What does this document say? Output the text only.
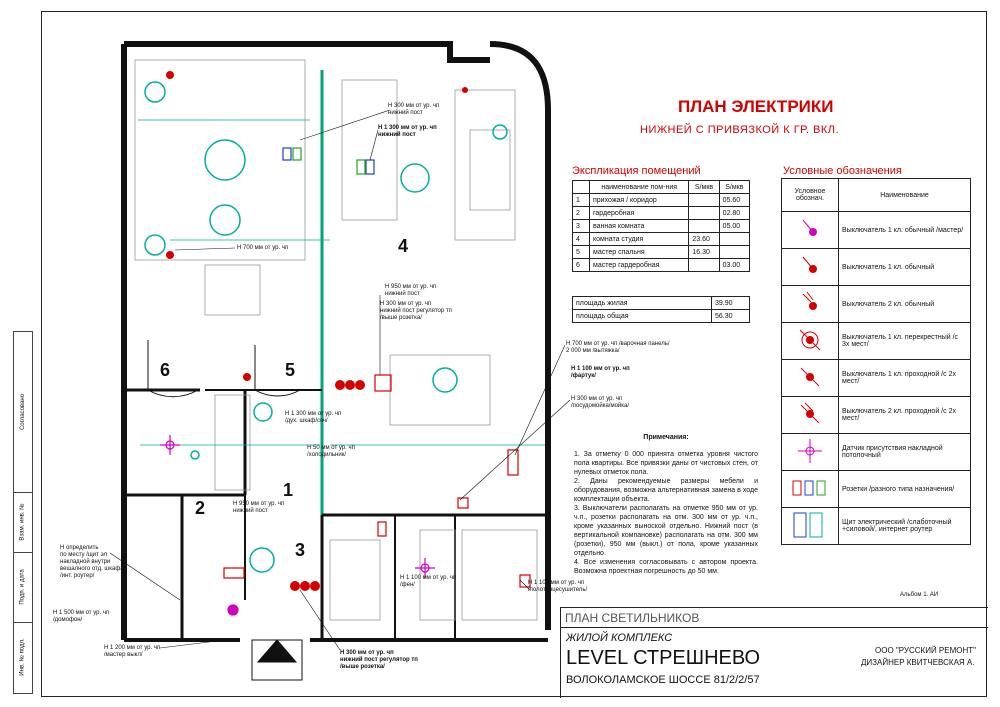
Согласовано
Взам. инв. №
Подп. и дата
Инв. № подл.
1
2
3
4
5
6
Н 300 мм от ур. чп
нижний пост
Н 1 300 мм от ур. чп
нижний пост
Н 700 мм от ур. чп
Н 950 мм от ур. чп
нижний пост
Н 300 мм от ур. чп
нижний пост регулятор тп
/выше розетка/
Н 700 мм от ур. чп /варочная панель/
2 000 мм /вытяжка/
Н 1 100 мм от ур. чп
/фартук/
Н 300 мм от ур. чп
/посудомойка/мойка/
Н 1 300 мм от ур. чп
/дух. шкаф/свч/
Н 50 мм от ур. чп
/холодильник/
Н 950 мм от ур. чп
нижний пост
Н определить
по месту /щит эл
накладной внутри
вешалного отд. шкафа
/инт. роутер/
Н 1 500 мм от ур. чп
/домофон/
Н 1 200 мм от ур. чп
/мастер выкл/	Н 300 мм от ур. чп
нижний пост регулятор тп
/выше розетка/
Н 1 100 мм от ур. чп
/фен/	Н 1 100 мм от ур. чп
/полотенцесушитель/
ПЛАН ЭЛЕКТРИКИ
НИЖНЕЙ С ПРИВЯЗКОЙ К ГР. ВКЛ.
Экспликация помещений
	наименование пом-ния	S/мкв	S/мкв
1	прихожая / коридор		05.60
2	гардеробная		02.80
3	ванная комната		05.00
4	комната студия	23.60	
5	мастер спальня	16.30	
6	мастер гардеробная		03.00
площадь жилая	39.90
площадь общая	56.30
Условные обозначения
Условное обознач.	Наименование
	Выключатель 1 кл. обычный /мастер/
	Выключатель 1 кл. обычный
	Выключатель 2 кл. обычный
	Выключатель 1 кл. перекрестный /с 3х мест/
	Выключатель 1 кл. проходной /с 2х мест/
	Выключатель 2 кл. проходной /с 2х мест/
	Датчик присутствия накладной потолочный
	Розетки /разного типа назначения/
	Щит электрический /слаботочный +силовой/, интернет роутер
Примечания:
1. За отметку 0 000 принята отметка уровня чистого пола квартиры. Все привязки даны от чистовых стен, от нулевых отметок пола.
2. Даны рекомендуемые размеры мебели и оборудования, возможна альтернативная замена в ходе комплектации объекта.
3. Выключатели располагать на отметке 950 мм от ур. ч.п., розетки располагать на отм. 300 мм от ур. ч.п., кроме указанных выноской отдельно. Нижний пост (в вертикальной компановке) располагать на отм. 300 мм (розетки), 950 мм (выкл.) от пола, кроме указанных отдельно.
4. Все изменения согласовывать с автором проекта. Возможна проектная погрешность до 50 мм.
Альбом 1. АИ
ПЛАН СВЕТИЛЬНИКОВ
ЖИЛОЙ КОМПЛЕКС
LEVEL СТРЕШНЕВО
ВОЛОКОЛАМСКОЕ ШОССЕ 81/2/2/57
ООО "РУССКИЙ РЕМОНТ"
ДИЗАЙНЕР КВИТЧЕВСКАЯ А.
